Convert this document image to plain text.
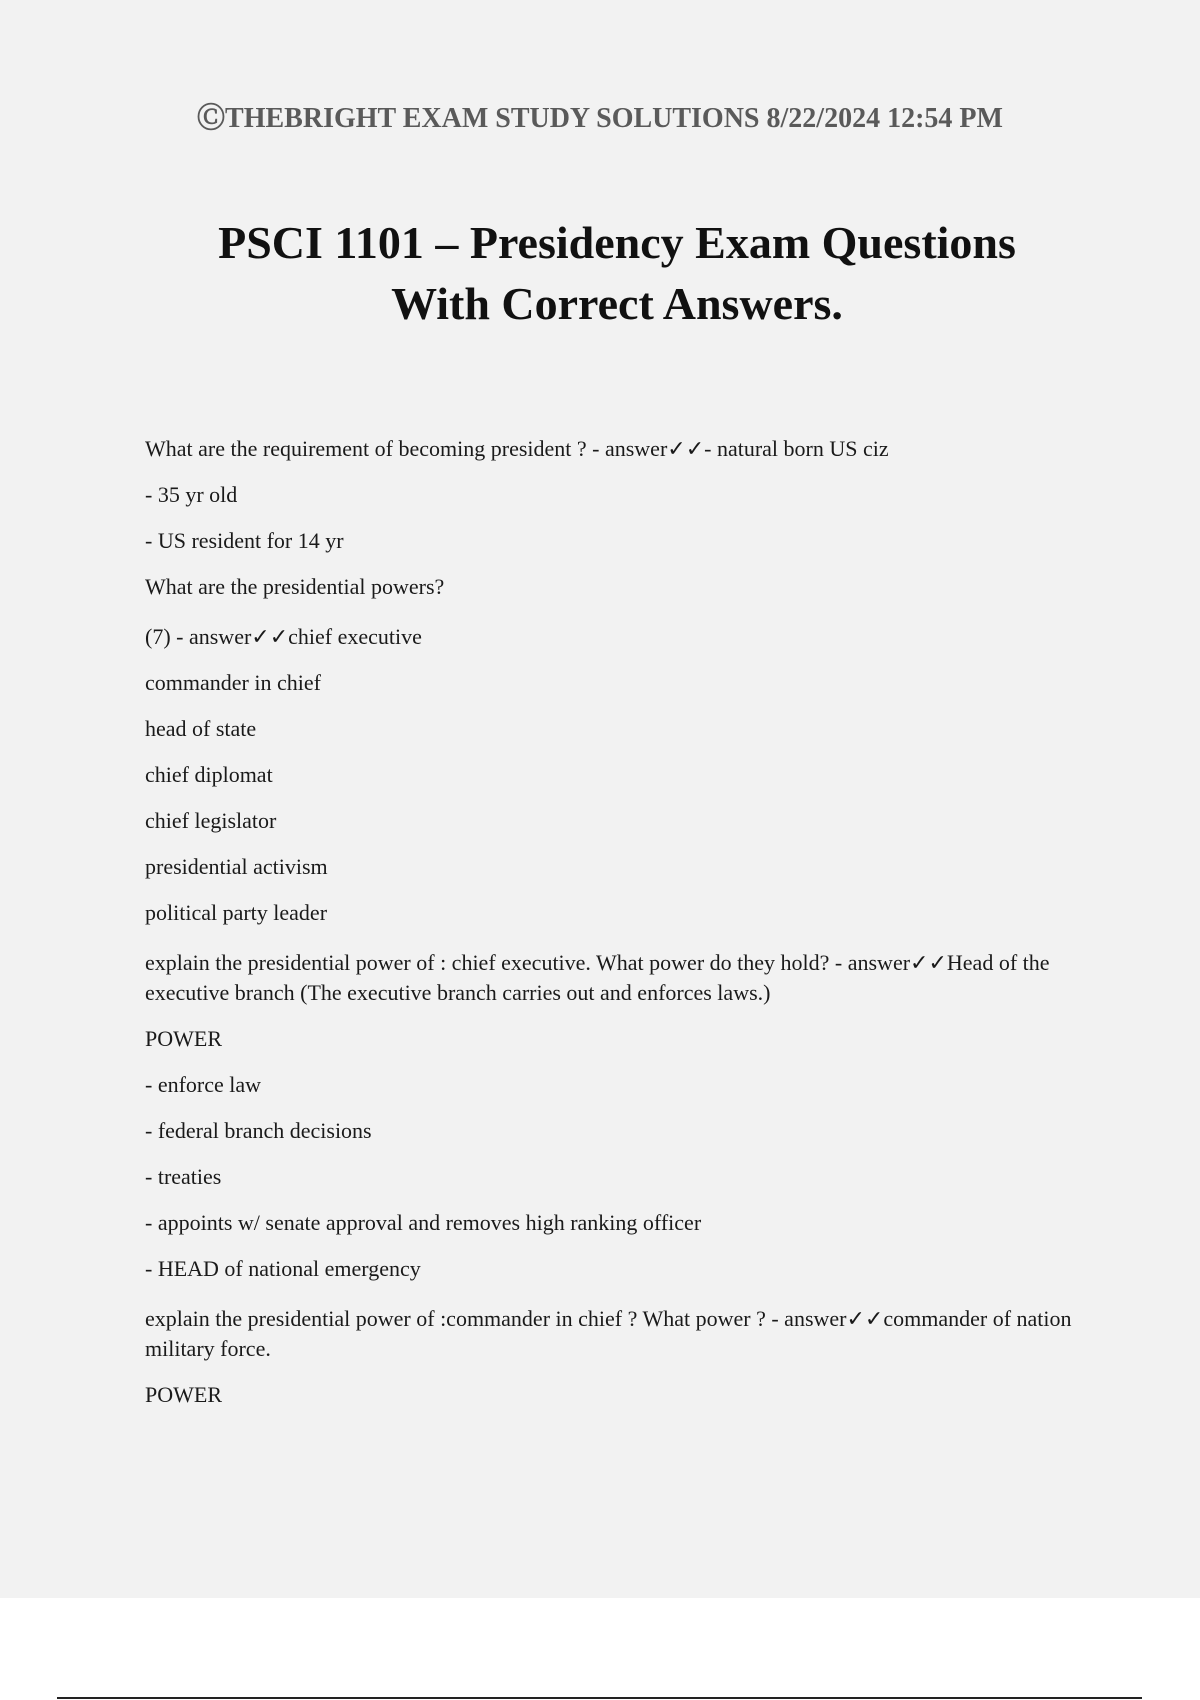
ⒸTHEBRIGHT EXAM STUDY SOLUTIONS 8/22/2024 12:54 PM
PSCI 1101 – Presidency Exam Questions
With Correct Answers.

What are the requirement of becoming president ? - answer✓✓- natural born US ciz

- 35 yr old

- US resident for 14 yr

What are the presidential powers?

(7) - answer✓✓chief executive

commander in chief

head of state

chief diplomat

chief legislator

presidential activism

political party leader

explain the presidential power of : chief executive. What power do they hold? - answer✓✓Head of the executive branch (The executive branch carries out and enforces laws.)

POWER

- enforce law

- federal branch decisions

- treaties

- appoints w/ senate approval and removes high ranking officer

- HEAD of national emergency

explain the presidential power of :commander in chief ? What power ? - answer✓✓commander of nation military force.

POWER
